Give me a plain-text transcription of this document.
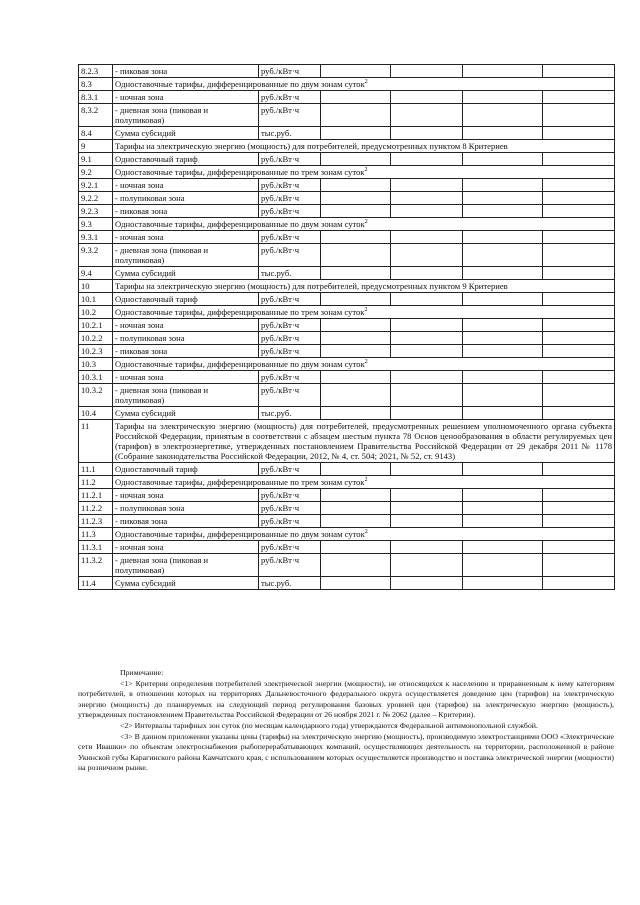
8.2.3	- пиковая зона	руб./кВт·ч				
8.3	Одноставочные тарифы, дифференцированные по двум зонам суток$^2$
8.3.1	- ночная зона	руб./кВт·ч				
8.3.2	- дневная зона (пиковая и полупиковая)	руб./кВт·ч				
8.4	Сумма субсидий	тыс.руб.				
9	Тарифы на электрическую энергию (мощность) для потребителей, предусмотренных пунктом 8 Критериев					
9.1	Одноставочный тариф	руб./кВт·ч				
9.2	Одноставочные тарифы, дифференцированные по трем зонам суток$^2$
9.2.1	- ночная зона	руб./кВт·ч				
9.2.2	- полупиковая зона	руб./кВт·ч				
9.2.3	- пиковая зона	руб./кВт·ч				
9.3	Одноставочные тарифы, дифференцированные по двум зонам суток$^2$
9.3.1	- ночная зона	руб./кВт·ч				
9.3.2	- дневная зона (пиковая и полупиковая)	руб./кВт·ч				
9.4	Сумма субсидий	тыс.руб.				
10	Тарифы на электрическую энергию (мощность) для потребителей, предусмотренных пунктом 9 Критериев					
10.1	Одноставочный тариф	руб./кВт·ч				
10.2	Одноставочные тарифы, дифференцированные по трем зонам суток$^2$
10.2.1	- ночная зона	руб./кВт·ч				
10.2.2	- полупиковая зона	руб./кВт·ч				
10.2.3	- пиковая зона	руб./кВт·ч				
10.3	Одноставочные тарифы, дифференцированные по двум зонам суток$^2$
10.3.1	- ночная зона	руб./кВт·ч				
10.3.2	- дневная зона (пиковая и полупиковая)	руб./кВт·ч				
10.4	Сумма субсидий	тыс.руб.				
11	Тарифы на электрическую энергию (мощность) для потребителей, предусмотренных решением уполномоченного органа субъекта Российской Федерации, принятым в соответствии с абзацем шестым пункта 78 Основ ценообразования в области регулируемых цен (тарифов) в электроэнергетике, утвержденных постановлением Правительства Российской Федерации от 29 декабря 2011 № 1178 (Собрание законодательства Российской Федерации, 2012, № 4, ст. 504; 2021, № 52, ст. 9143)					
11.1	Одноставочный тариф	руб./кВт·ч				
11.2	Одноставочные тарифы, дифференцированные по трем зонам суток$^2$
11.2.1	- ночная зона	руб./кВт·ч				
11.2.2	- полупиковая зона	руб./кВт·ч				
11.2.3	- пиковая зона	руб./кВт·ч				
11.3	Одноставочные тарифы, дифференцированные по двум зонам суток$^2$
11.3.1	- ночная зона	руб./кВт·ч				
11.3.2	- дневная зона (пиковая и полупиковая)	руб./кВт·ч				
11.4	Сумма субсидий	тыс.руб.				

Примечание:

<1> Критерии определения потребителей электрической энергии (мощности), не относящихся к населению и приравненным к нему категориям потребителей, в отношении которых на территориях Дальневосточного федерального округа осуществляется доведение цен (тарифов) на электрическую энергию (мощность) до планируемых на следующий период регулирования базовых уровней цен (тарифов) на электрическую энергию (мощность), утвержденных постановлением Правительства Российской Федерации от 26 ноября 2021 г. № 2062 (далее – Критерии).

<2> Интервалы тарифных зон суток (по месяцам календарного года) утверждаются Федеральной антимонопольной службой.

<3> В данном приложении указаны цены (тарифы) на электрическую энергию (мощность), производимую электростанциями ООО «Электрические сети Ивашки» по объектам электроснабжения рыбоперерабатывающих компаний, осуществляющих деятельность на территории, расположенной в районе Укинской губы Карагинского района Камчатского края, с использованием которых осуществляется производство и поставка электрической энергии (мощности) на розничном рынке.
